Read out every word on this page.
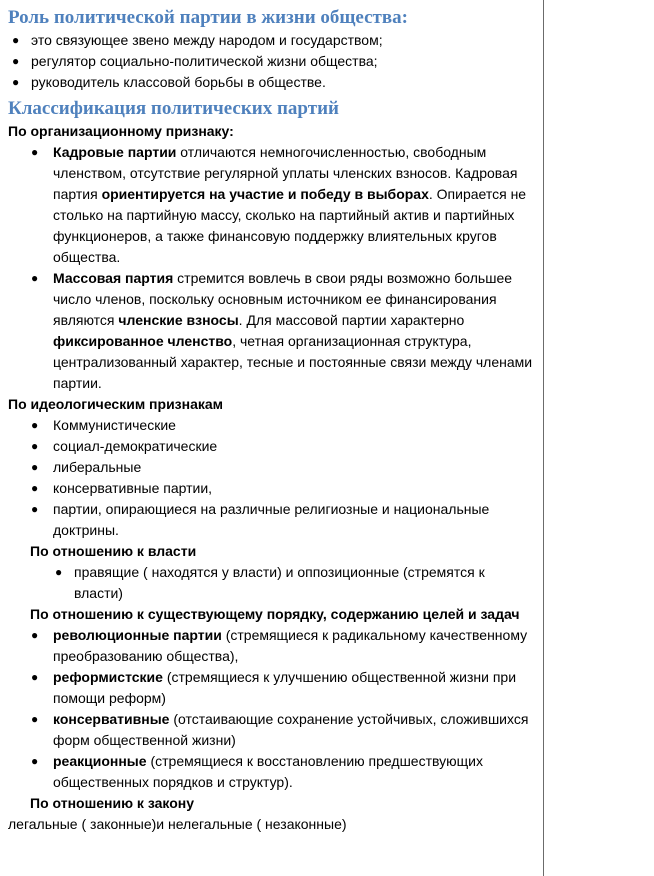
Роль политической партии в жизни общества:
● это связующее звено между народом и государством;
● регулятор социально-политической жизни общества;
● руководитель классовой борьбы в обществе.
Классификация политических партий
По организационному признаку:
● Кадровые партии отличаются немногочисленностью, свободным членством, отсутствие регулярной уплаты членских взносов. Кадровая партия ориентируется на участие и победу в выборах. Опирается не столько на партийную массу, сколько на партийный актив и партийных функционеров, а также финансовую поддержку влиятельных кругов общества.
● Массовая партия стремится вовлечь в свои ряды возможно большее число членов, поскольку основным источником ее финансирования являются членские взносы. Для массовой партии характерно фиксированное членство, четная организационная структура, централизованный характер, тесные и постоянные связи между членами партии.
По идеологическим признакам
● Коммунистические
● социал-демократические
● либеральные
● консервативные партии,
● партии, опирающиеся на различные религиозные и национальные доктрины.
По отношению к власти
● правящие ( находятся у власти) и оппозиционные (стремятся к власти)
По отношению к существующему порядку, содержанию целей и задач
● революционные партии (стремящиеся к радикальному качественному преобразованию общества),
● реформистские (стремящиеся к улучшению общественной жизни при помощи реформ)
● консервативные (отстаивающие сохранение устойчивых, сложившихся форм общественной жизни)
● реакционные (стремящиеся к восстановлению предшествующих общественных порядков и структур).
По отношению к закону
легальные ( законные)и нелегальные ( незаконные)
